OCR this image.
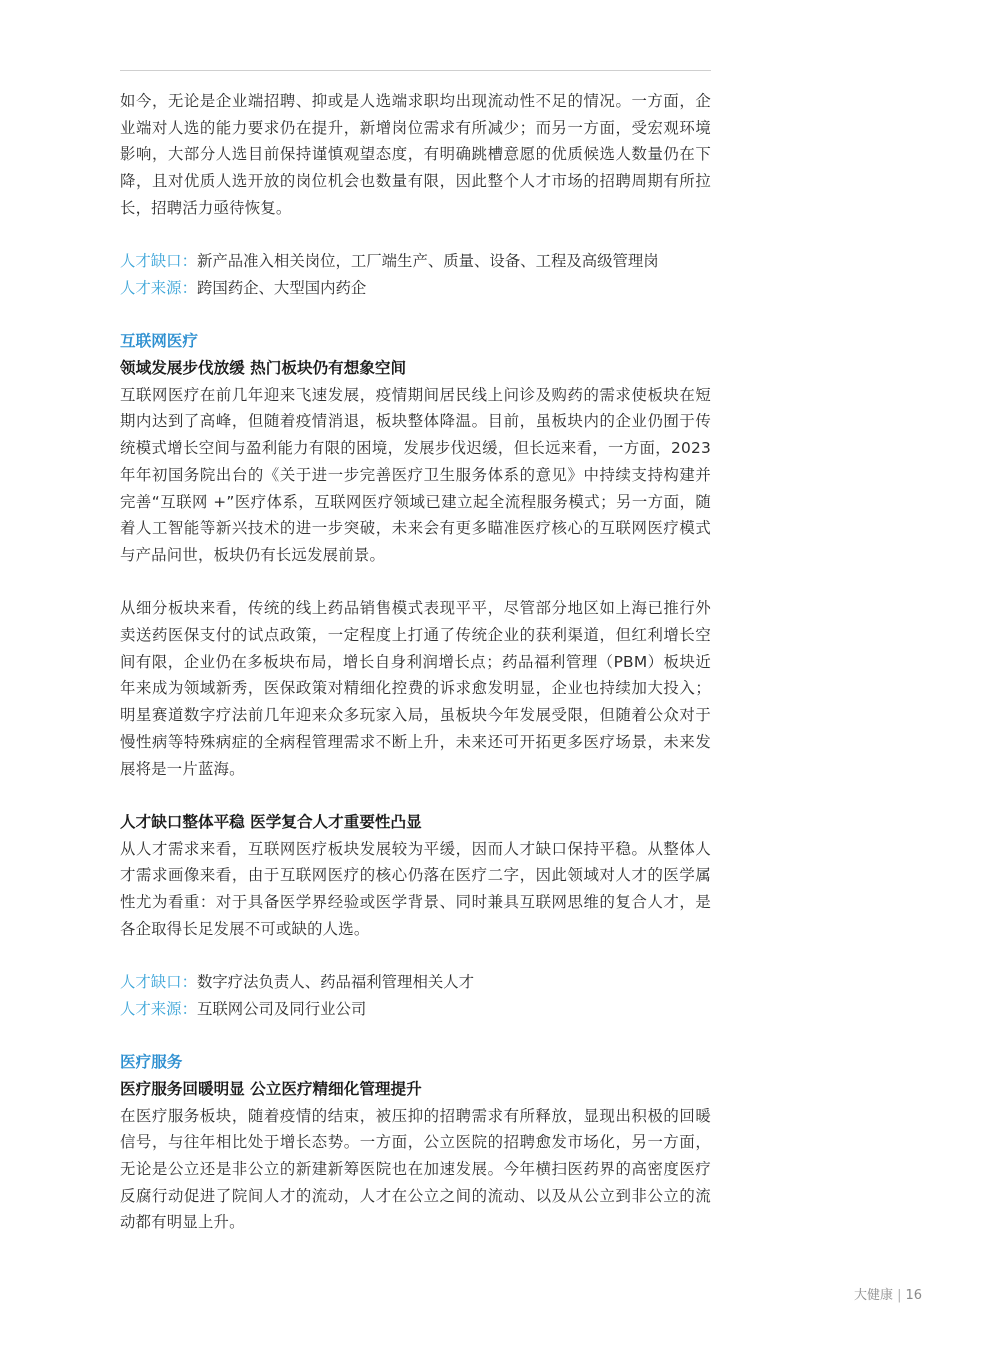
如今，无论是企业端招聘、抑或是人选端求职均出现流动性不足的情况。一方面，企业端对人选的能力要求仍在提升，新增岗位需求有所减少；而另一方面，受宏观环境影响，大部分人选目前保持谨慎观望态度，有明确跳槽意愿的优质候选人数量仍在下降，且对优质人选开放的岗位机会也数量有限，因此整个人才市场的招聘周期有所拉长，招聘活力亟待恢复。

人才缺口：新产品准入相关岗位，工厂端生产、质量、设备、工程及高级管理岗

人才来源：跨国药企、大型国内药企

互联网医疗

领域发展步伐放缓 热门板块仍有想象空间

互联网医疗在前几年迎来飞速发展，疫情期间居民线上问诊及购药的需求使板块在短期内达到了高峰，但随着疫情消退，板块整体降温。目前，虽板块内的企业仍囿于传统模式增长空间与盈利能力有限的困境，发展步伐迟缓，但长远来看，一方面，2023 年年初国务院出台的《关于进一步完善医疗卫生服务体系的意见》中持续支持构建并完善“互联网 +”医疗体系，互联网医疗领域已建立起全流程服务模式；另一方面，随着人工智能等新兴技术的进一步突破，未来会有更多瞄准医疗核心的互联网医疗模式与产品问世，板块仍有长远发展前景。

从细分板块来看，传统的线上药品销售模式表现平平，尽管部分地区如上海已推行外卖送药医保支付的试点政策，一定程度上打通了传统企业的获利渠道，但红利增长空间有限，企业仍在多板块布局，增长自身利润增长点；药品福利管理（PBM）板块近年来成为领域新秀，医保政策对精细化控费的诉求愈发明显，企业也持续加大投入；明星赛道数字疗法前几年迎来众多玩家入局，虽板块今年发展受限，但随着公众对于慢性病等特殊病症的全病程管理需求不断上升，未来还可开拓更多医疗场景，未来发展将是一片蓝海。

人才缺口整体平稳 医学复合人才重要性凸显

从人才需求来看，互联网医疗板块发展较为平缓，因而人才缺口保持平稳。从整体人才需求画像来看，由于互联网医疗的核心仍落在医疗二字，因此领域对人才的医学属性尤为看重：对于具备医学界经验或医学背景、同时兼具互联网思维的复合人才，是各企取得长足发展不可或缺的人选。

人才缺口：数字疗法负责人、药品福利管理相关人才

人才来源：互联网公司及同行业公司

医疗服务

医疗服务回暖明显 公立医疗精细化管理提升

在医疗服务板块，随着疫情的结束，被压抑的招聘需求有所释放，显现出积极的回暖信号，与往年相比处于增长态势。一方面，公立医院的招聘愈发市场化，另一方面，无论是公立还是非公立的新建新筹医院也在加速发展。今年横扫医药界的高密度医疗反腐行动促进了院间人才的流动，人才在公立之间的流动、以及从公立到非公立的流动都有明显上升。

大健康 | 16
